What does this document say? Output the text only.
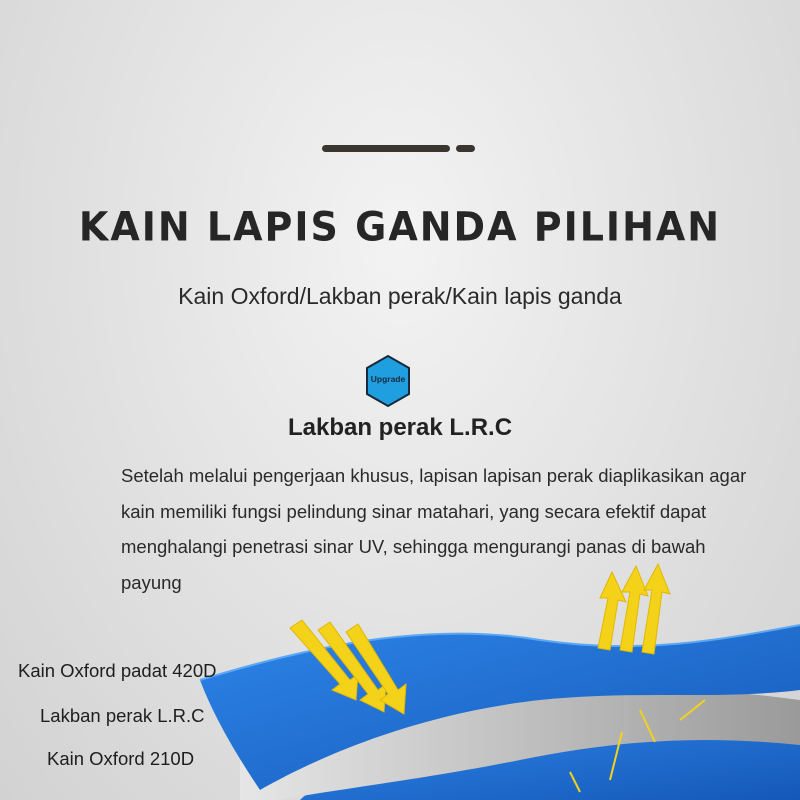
KAIN LAPIS GANDA PILIHAN
Kain Oxford/Lakban perak/Kain lapis ganda
Upgrade
Lakban perak L.R.C
Setelah melalui pengerjaan khusus, lapisan lapisan perak diaplikasikan agar kain memiliki fungsi pelindung sinar matahari, yang secara efektif dapat menghalangi penetrasi sinar UV, sehingga mengurangi panas di bawah payung
Kain Oxford padat 420D
Lakban perak L.R.C
Kain Oxford 210D
